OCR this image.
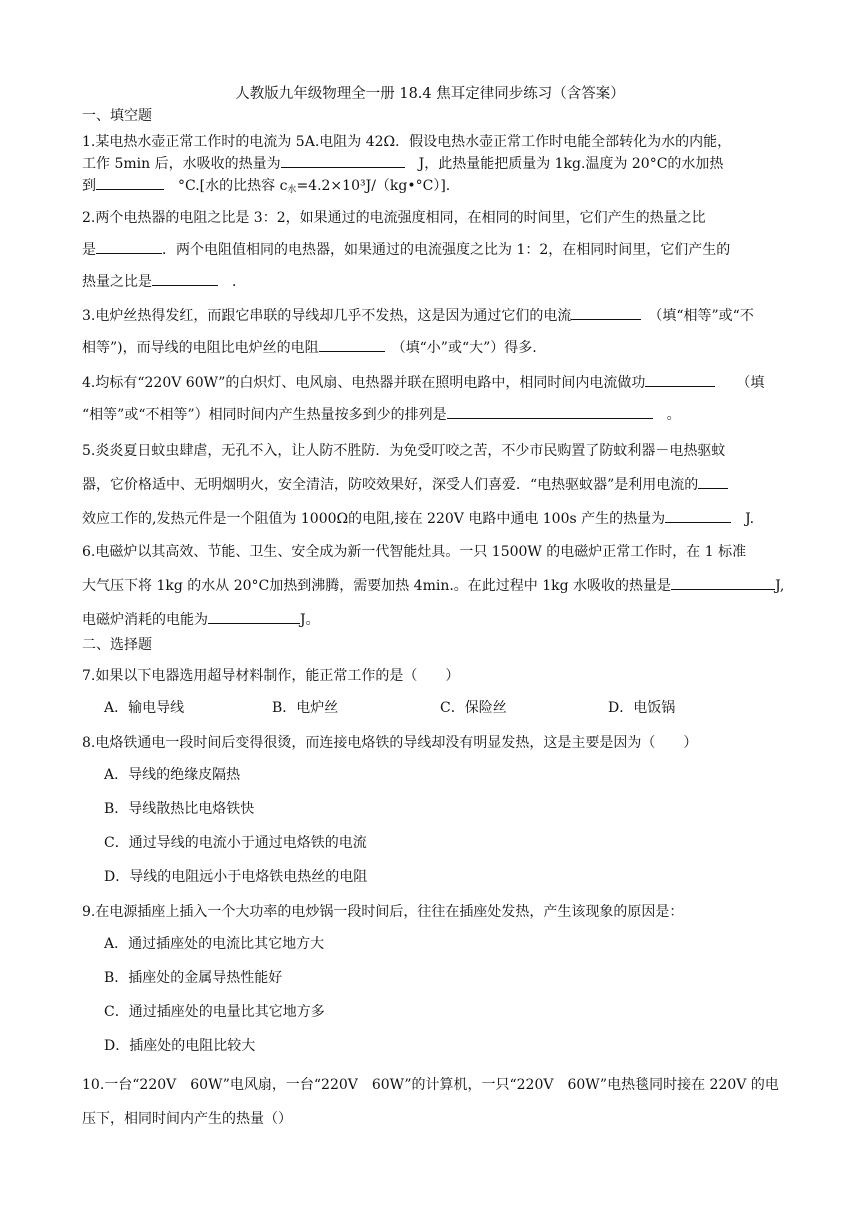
人教版九年级物理全一册 18.4 焦耳定律同步练习（含答案）
一、填空题

1.某电热水壶正常工作时的电流为 5A.电阻为 42Ω．假设电热水壶正常工作时电能全部转化为水的内能，

工作 5min 后，水吸收的热量为　	J，此热量能把质量为 1kg.温度为 20°C的水加热

到　	°C.[水的比热容 $c_水=4.2\times 10^3J/(kg•^\circ C)$].

2.两个电热器的电阻之比是 3：2，如果通过的电流强度相同，在相同的时间里，它们产生的热量之比

是	．两个电阻值相同的电热器，如果通过的电流强度之比为 1：2，在相同时间里，它们产生的

热量之比是　	．

3.电炉丝热得发红，而跟它串联的导线却几乎不发热，这是因为通过它们的电流　	（填“相等”或“不

相等”)，而导线的电阻比电炉丝的电阻　	（填“小”或“大”）得多.

4.均标有“220V 60W”的白炽灯、电风扇、电热器并联在照明电路中，相同时间内电流做功　　	（填

“相等”或“不相等”）相同时间内产生热量按多到少的排列是　	。

5.炎炎夏日蚊虫肆虐，无孔不入，让人防不胜防．为免受叮咬之苦，不少市民购置了防蚊利器－电热驱蚊

器，它价格适中、无明烟明火，安全清洁，防咬效果好，深受人们喜爱．“电热驱蚊器”是利用电流的

效应工作的,发热元件是一个阻值为 1000Ω的电阻,接在 220V 电路中通电 100s 产生的热量为　	J.

6.电磁炉以其高效、节能、卫生、安全成为新一代智能灶具。一只 1500W 的电磁炉正常工作时，在 1 标准

大气压下将 1kg 的水从 20°C加热到沸腾，需要加热 4min.。在此过程中 1kg 水吸收的热量是	J,

电磁炉消耗的电能为	J。

二、选择题

7.如果以下电器选用超导材料制作，能正常工作的是（　　）

A．输电导线	B．电炉丝	C．保险丝	D．电饭锅

8.电烙铁通电一段时间后变得很烫，而连接电烙铁的导线却没有明显发热，这是主要是因为（　　）

A．导线的绝缘皮隔热
B．导线散热比电烙铁快
C．通过导线的电流小于通过电烙铁的电流
D．导线的电阻远小于电烙铁电热丝的电阻

9.在电源插座上插入一个大功率的电炒锅一段时间后，往往在插座处发热，产生该现象的原因是：

A．通过插座处的电流比其它地方大
B．插座处的金属导热性能好
C．通过插座处的电量比其它地方多
D．插座处的电阻比较大

10.一台“220V　60W”电风扇，一台“220V　60W”的计算机，一只“220V　60W”电热毯同时接在 220V 的电

压下，相同时间内产生的热量（）
